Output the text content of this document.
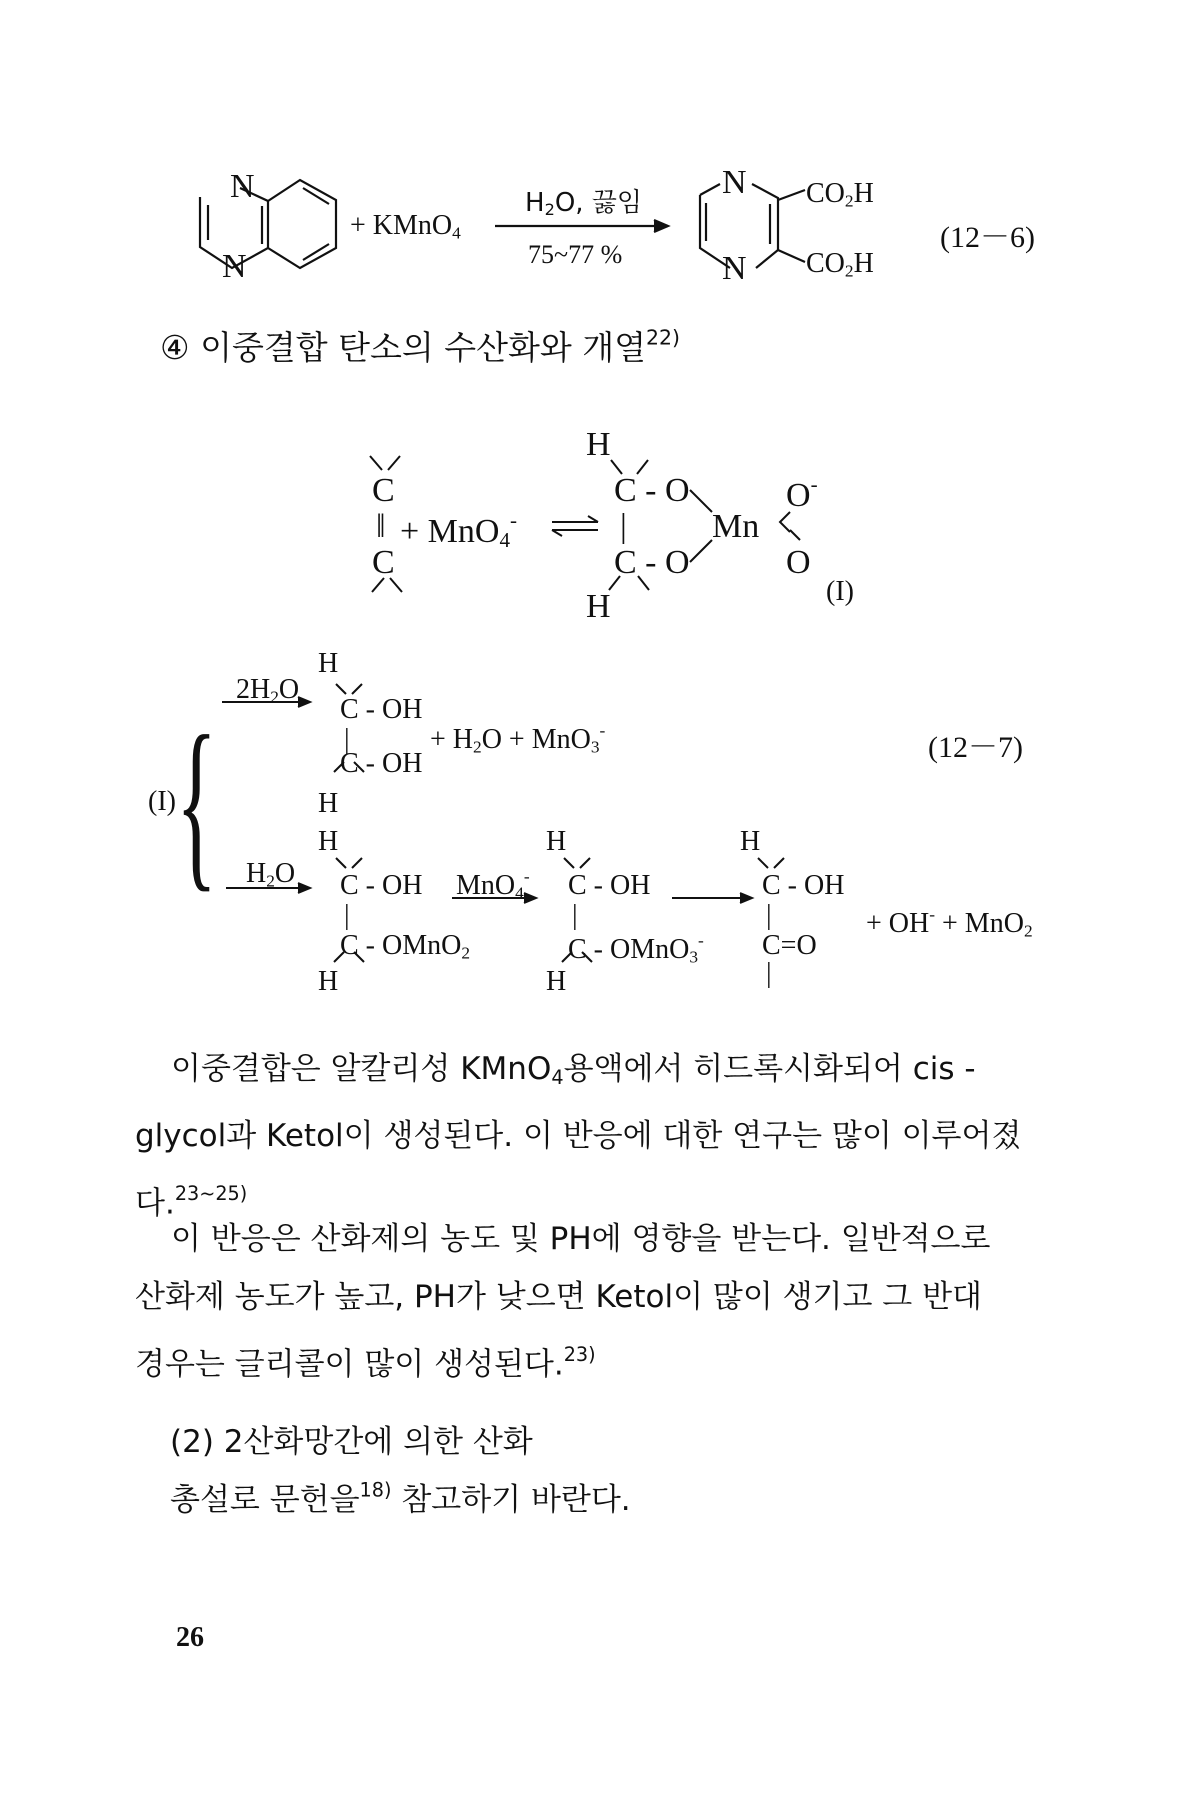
N
N
+ KMnO$_4$
$H_2O$, 끓임
75~77 %
N
N
$CO_2H$
$CO_2H$
(12－6)
④ 이중결합 탄소의 수산화와 개열$^{22)}$
C
‖ + MnO$_4$-
C
H
C - O
|
C - O
H
Mn
O-
O
(I)
{
(I)
$2H_2O$
H
C - OH
|
C - OH
H
+ $H_2O + MnO_3^-$
(12－7)
$H_2O$
H
C - OH
|
C - OMnO$_2$
H
MnO$_4$-
H
C - OH
|
C - OMnO$_3$-
H
H
C - OH
|
C=O
|
+ OH- + MnO$_2$
이중결합은 알칼리성 KMnO$_4$용액에서 히드록시화되어 cis -
glycol과 Ketol이 생성된다. 이 반응에 대한 연구는 많이 이루어졌
다.$^{23\sim 25)}$
이 반응은 산화제의 농도 및 PH에 영향을 받는다. 일반적으로
산화제 농도가 높고, PH가 낮으면 Ketol이 많이 생기고 그 반대
경우는 글리콜이 많이 생성된다.$^{23)}$
(2) 2산화망간에 의한 산화
총설로 문헌을$^{18)}$ 참고하기 바란다.
26
